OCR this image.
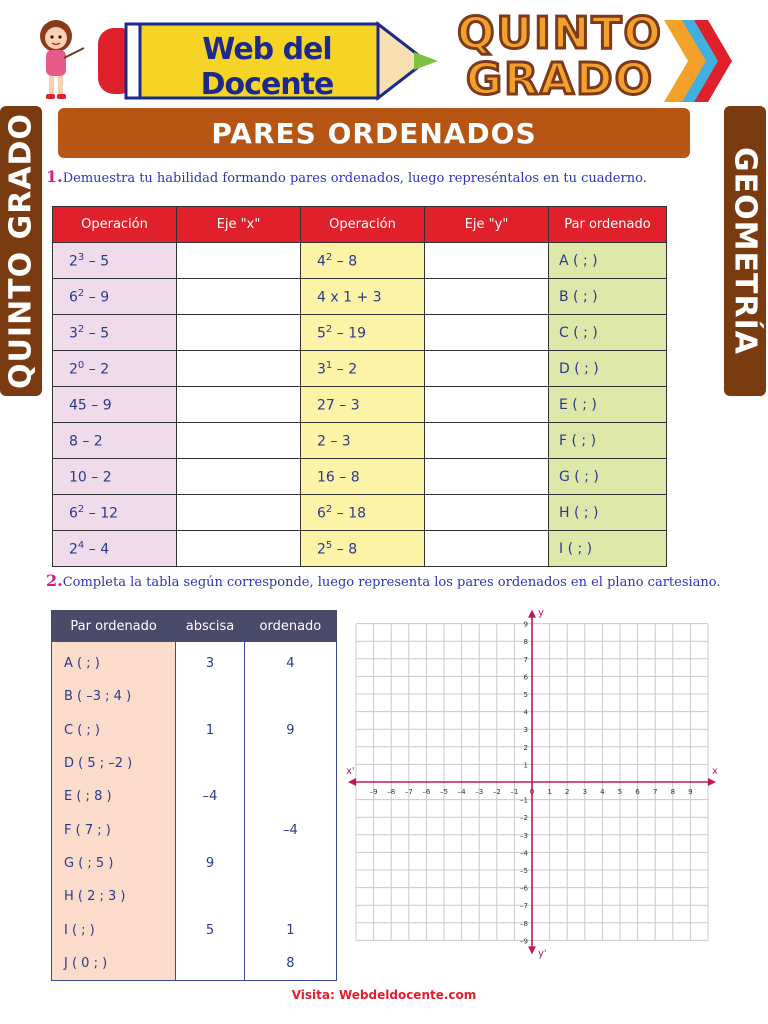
Web del Docente
QUINTO
GRADO
QUINTO GRADO	GEOMETRÍA
PARES ORDENADOS
1.Demuestra tu habilidad formando pares ordenados, luego represéntalos en tu cuaderno.
Operación	Eje "x"	Operación	Eje "y"	Par ordenado
$2^3 - 5$		$4^2 - 8$		A ( ; )
$6^2 - 9$		4 x 1 + 3		B ( ; )
$3^2 - 5$		$5^2 - 19$		C ( ; )
$2^0 - 2$		$3^1 - 2$		D ( ; )
45 – 9		27 – 3		E ( ; )
8 – 2		2 – 3		F ( ; )
10 – 2		16 – 8		G ( ; )
$6^2 - 12$		$6^2 - 18$		H ( ; )
$2^4 - 4$		$2^5 - 8$		I ( ; )
2.Completa la tabla según corresponde, luego representa los pares ordenados en el plano cartesiano.
Par ordenado	abscisa	ordenado
A ( ; )	3	4
B ( –3 ; 4 )		
C ( ; )	1	9
D ( 5 ; –2 )		
E ( ; 8 )	–4	
F ( 7 ; )		–4
G ( ; 5 )	9	
H ( 2 ; 3 )		
I ( ; )	5	1
J ( 0 ; )		8
–9
–9
–8
–8
–7
–7
–6
–6
–5
–5
–4
–4
–3
–3
–2
–2
–1
–1
0 1
1
2
2
3
3
4
4
5
5
6
6
7
7
8
8
9
9
x
x'
y
y'
Visita: Webdeldocente.com
